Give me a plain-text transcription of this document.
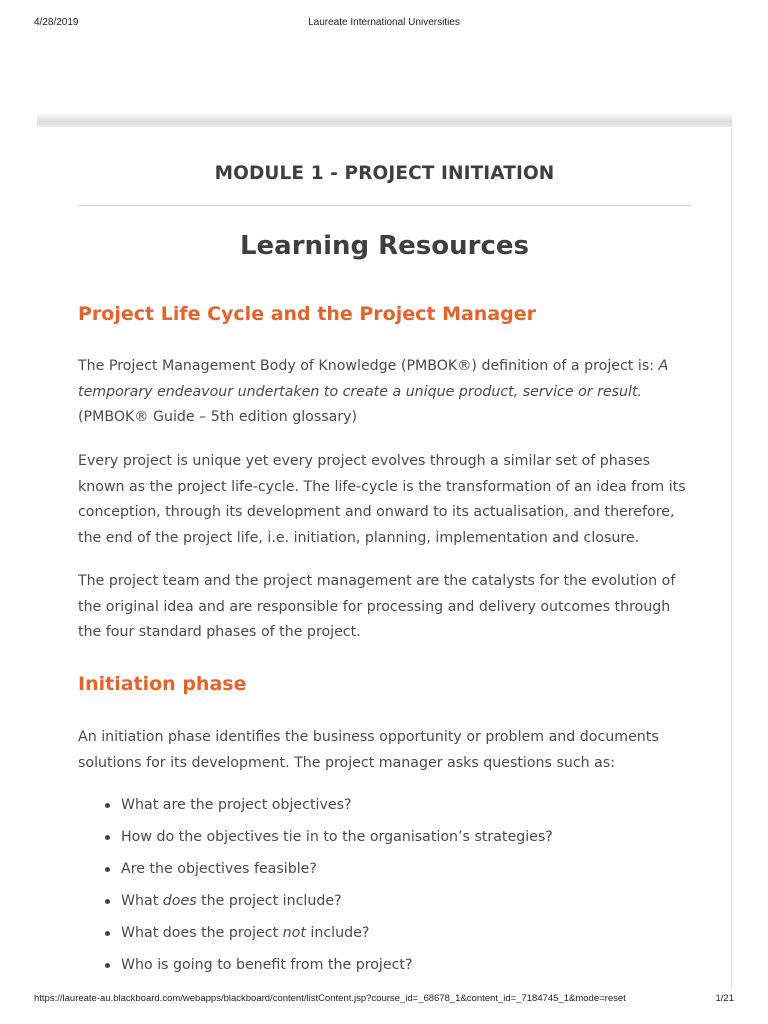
4/28/2019	Laureate International Universities
MODULE 1 - PROJECT INITIATION
Learning Resources
Project Life Cycle and the Project Manager

The Project Management Body of Knowledge (PMBOK®) definition of a project is: A temporary endeavour undertaken to create a unique product, service or result.
(PMBOK® Guide – 5th edition glossary)

Every project is unique yet every project evolves through a similar set of phases known as the project life-cycle. The life-cycle is the transformation of an idea from its conception, through its development and onward to its actualisation, and therefore, the end of the project life, i.e. initiation, planning, implementation and closure.

The project team and the project management are the catalysts for the evolution of the original idea and are responsible for processing and delivery outcomes through the four standard phases of the project.

Initiation phase

An initiation phase identifies the business opportunity or problem and documents solutions for its development. The project manager asks questions such as:

What are the project objectives?
How do the objectives tie in to the organisation’s strategies?
Are the objectives feasible?
What does the project include?
What does the project not include?
Who is going to benefit from the project?
https://laureate-au.blackboard.com/webapps/blackboard/content/listContent.jsp?course_id=_68678_1&content_id=_7184745_1&mode=reset	1/21
